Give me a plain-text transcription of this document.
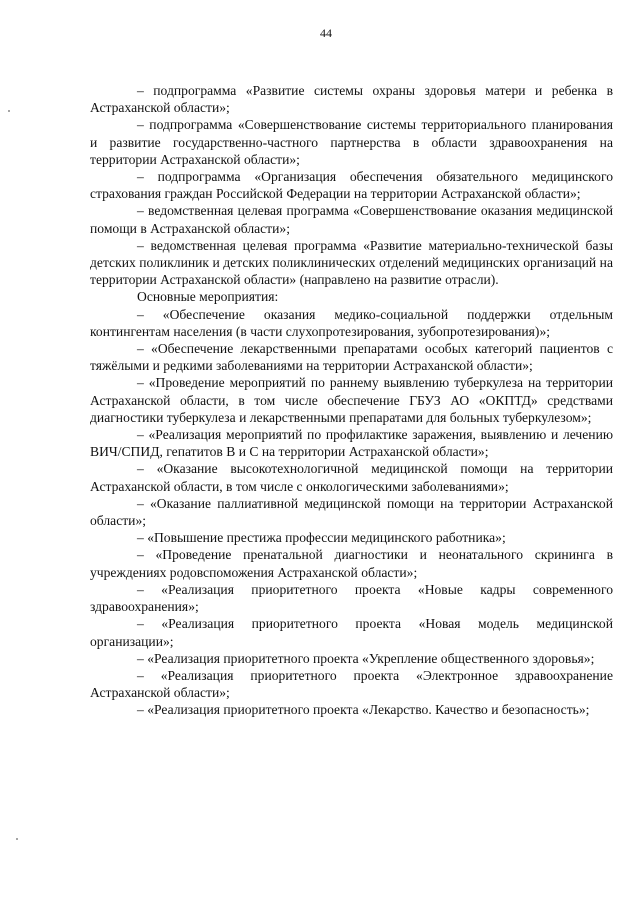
44

– подпрограмма «Развитие системы охраны здоровья матери и ребенка в Астраханской области»;

– подпрограмма «Совершенствование системы территориального планирования и развитие государственно-частного партнерства в области здравоохранения на территории Астраханской области»;

– подпрограмма «Организация обеспечения обязательного медицинского страхования граждан Российской Федерации на территории Астраханской области»;

– ведомственная целевая программа «Совершенствование оказания медицинской помощи в Астраханской области»;

– ведомственная целевая программа «Развитие материально-технической базы детских поликлиник и детских поликлинических отделений медицинских организаций на территории Астраханской области» (направлено на развитие отрасли).

Основные мероприятия:

– «Обеспечение оказания медико-социальной поддержки отдельным контингентам населения (в части слухопротезирования, зубопротезирования)»;

– «Обеспечение лекарственными препаратами особых категорий пациентов с тяжёлыми и редкими заболеваниями на территории Астраханской области»;

– «Проведение мероприятий по раннему выявлению туберкулеза на территории Астраханской области, в том числе обеспечение ГБУЗ АО «ОКПТД» средствами диагностики туберкулеза и лекарственными препаратами для больных туберкулезом»;

– «Реализация мероприятий по профилактике заражения, выявлению и лечению ВИЧ/СПИД, гепатитов В и С на территории Астраханской области»;

– «Оказание высокотехнологичной медицинской помощи на территории Астраханской области, в том числе с онкологическими заболеваниями»;

– «Оказание паллиативной медицинской помощи на территории Астраханской области»;

– «Повышение престижа профессии медицинского работника»;

– «Проведение пренатальной диагностики и неонатального скрининга в учреждениях родовспоможения Астраханской области»;

– «Реализация приоритетного проекта «Новые кадры современного здравоохранения»;

– «Реализация приоритетного проекта «Новая модель медицинской организации»;

– «Реализация приоритетного проекта «Укрепление общественного здоровья»;

– «Реализация приоритетного проекта «Электронное здравоохранение Астраханской области»;

– «Реализация приоритетного проекта «Лекарство. Качество и безопасность»;
